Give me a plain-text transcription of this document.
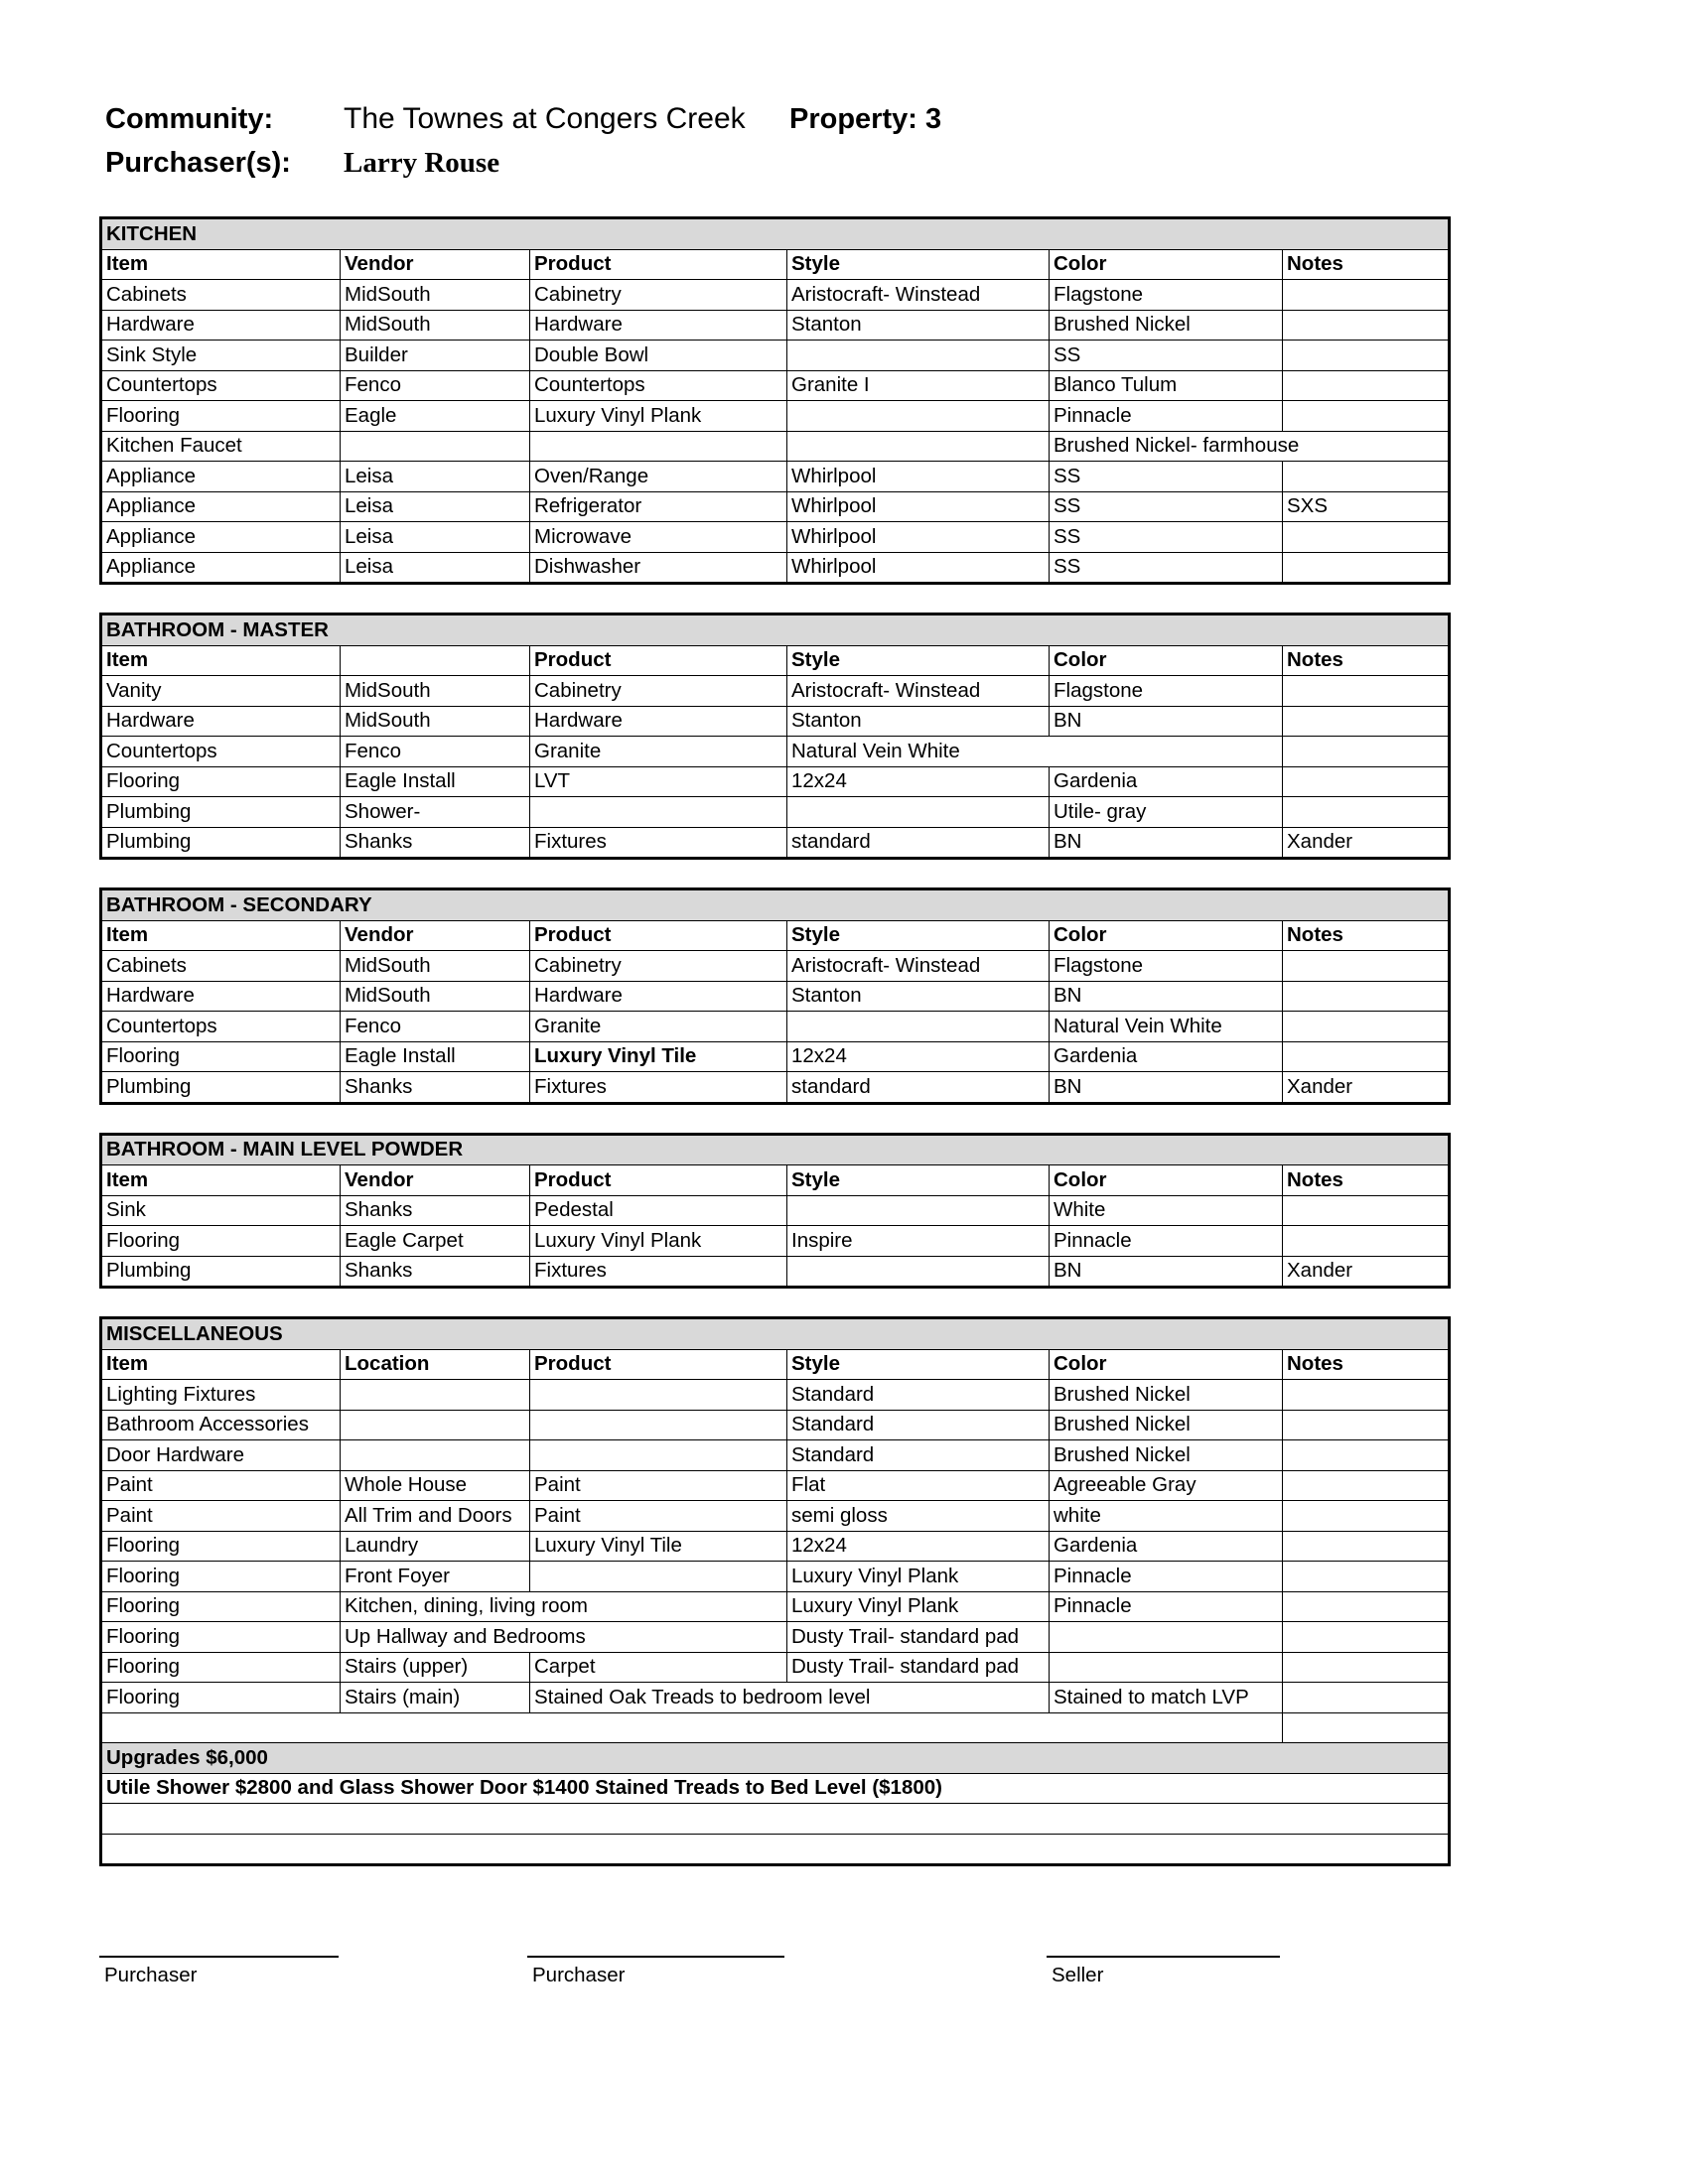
Community: The Townes at Congers Creek Property: 3
Purchaser(s): Larry Rouse
KITCHEN					
Item	Vendor	Product	Style	Color	Notes
Cabinets	MidSouth	Cabinetry	Aristocraft- Winstead	Flagstone	
Hardware	MidSouth	Hardware	Stanton	Brushed Nickel	
Sink Style	Builder	Double Bowl		SS	
Countertops	Fenco	Countertops	Granite I	Blanco Tulum	
Flooring	Eagle	Luxury Vinyl Plank		Pinnacle	
Kitchen Faucet				Brushed Nickel- farmhouse	
Appliance	Leisa	Oven/Range	Whirlpool	SS	
Appliance	Leisa	Refrigerator	Whirlpool	SS	SXS
Appliance	Leisa	Microwave	Whirlpool	SS	
Appliance	Leisa	Dishwasher	Whirlpool	SS	
BATHROOM - MASTER					
Item		Product	Style	Color	Notes
Vanity	MidSouth	Cabinetry	Aristocraft- Winstead	Flagstone	
Hardware	MidSouth	Hardware	Stanton	BN	
Countertops	Fenco	Granite	Natural Vein White		
Flooring	Eagle Install	LVT	12x24	Gardenia	
Plumbing	Shower-			Utile- gray	
Plumbing	Shanks	Fixtures	standard	BN	Xander
BATHROOM - SECONDARY					
Item	Vendor	Product	Style	Color	Notes
Cabinets	MidSouth	Cabinetry	Aristocraft- Winstead	Flagstone	
Hardware	MidSouth	Hardware	Stanton	BN	
Countertops	Fenco	Granite		Natural Vein White	
Flooring	Eagle Install	Luxury Vinyl Tile	12x24	Gardenia	
Plumbing	Shanks	Fixtures	standard	BN	Xander
BATHROOM - MAIN LEVEL POWDER					
Item	Vendor	Product	Style	Color	Notes
Sink	Shanks	Pedestal		White	
Flooring	Eagle Carpet	Luxury Vinyl Plank	Inspire	Pinnacle	
Plumbing	Shanks	Fixtures		BN	Xander
MISCELLANEOUS					
Item	Location	Product	Style	Color	Notes
Lighting Fixtures			Standard	Brushed Nickel	
Bathroom Accessories			Standard	Brushed Nickel	
Door Hardware			Standard	Brushed Nickel	
Paint	Whole House	Paint	Flat	Agreeable Gray	
Paint	All Trim and Doors	Paint	semi gloss	white	
Flooring	Laundry	Luxury Vinyl Tile	12x24	Gardenia	
Flooring	Front Foyer		Luxury Vinyl Plank	Pinnacle	
Flooring	Kitchen, dining, living room		Luxury Vinyl Plank	Pinnacle	
Flooring	Up Hallway and Bedrooms		Dusty Trail- standard pad		
Flooring	Stairs (upper)	Carpet	Dusty Trail- standard pad		
Flooring	Stairs (main)	Stained Oak Treads to bedroom level		Stained to match LVP	

Upgrades $6,000					
Utile Shower $2800 and Glass Shower Door $1400 Stained Treads to Bed Level ($1800)					

Purchaser	Purchaser	Seller
